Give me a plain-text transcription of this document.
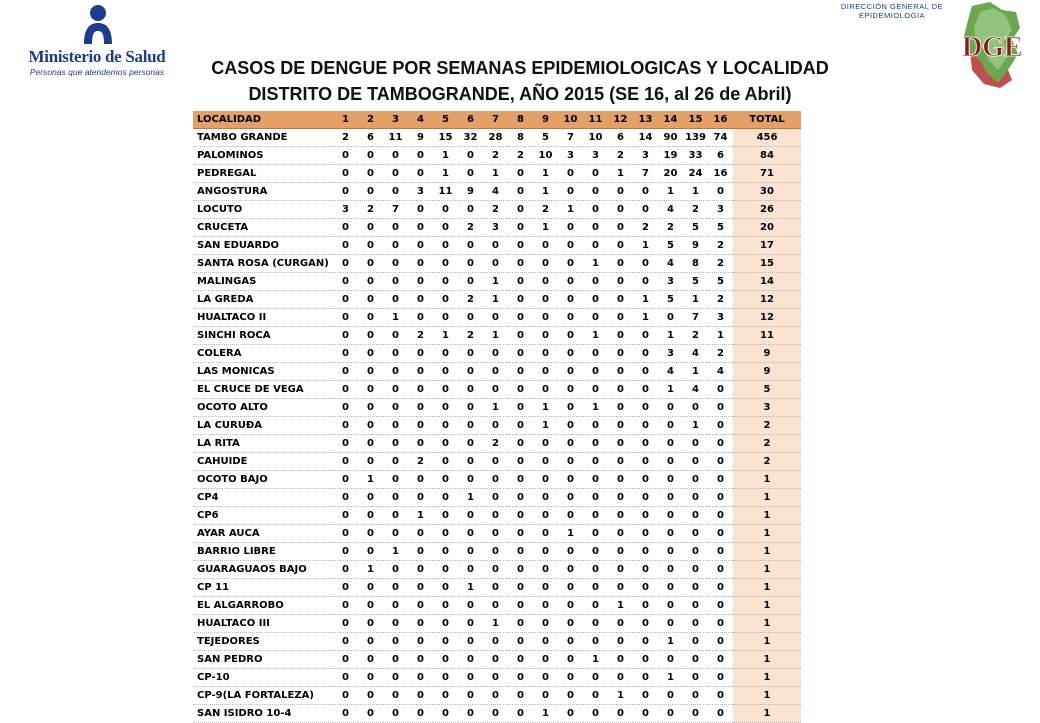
Ministerio de Salud
Personas que atendemos personas
DIRECCIÓN GENERAL DE
EPIDEMIOLOGIA
DGE
CASOS DE DENGUE POR SEMANAS EPIDEMIOLOGICAS Y LOCALIDAD
DISTRITO DE TAMBOGRANDE, AÑO 2015 (SE 16, al 26 de Abril)
LOCALIDAD	1	2	3	4	5	6	7	8	9	10	11	12	13	14	15	16	TOTAL
TAMBO GRANDE	2	6	11	9	15	32	28	8	5	7	10	6	14	90	139	74	456
PALOMINOS	0	0	0	0	1	0	2	2	10	3	3	2	3	19	33	6	84
PEDREGAL	0	0	0	0	1	0	1	0	1	0	0	1	7	20	24	16	71
ANGOSTURA	0	0	0	3	11	9	4	0	1	0	0	0	0	1	1	0	30
LOCUTO	3	2	7	0	0	0	2	0	2	1	0	0	0	4	2	3	26
CRUCETA	0	0	0	0	0	2	3	0	1	0	0	0	2	2	5	5	20
SAN EDUARDO	0	0	0	0	0	0	0	0	0	0	0	0	1	5	9	2	17
SANTA ROSA (CURGAN)	0	0	0	0	0	0	0	0	0	0	1	0	0	4	8	2	15
MALINGAS	0	0	0	0	0	0	1	0	0	0	0	0	0	3	5	5	14
LA GREDA	0	0	0	0	0	2	1	0	0	0	0	0	1	5	1	2	12
HUALTACO II	0	0	1	0	0	0	0	0	0	0	0	0	1	0	7	3	12
SINCHI ROCA	0	0	0	2	1	2	1	0	0	0	1	0	0	1	2	1	11
COLERA	0	0	0	0	0	0	0	0	0	0	0	0	0	3	4	2	9
LAS MONICAS	0	0	0	0	0	0	0	0	0	0	0	0	0	4	1	4	9
EL CRUCE DE VEGA	0	0	0	0	0	0	0	0	0	0	0	0	0	1	4	0	5
OCOTO ALTO	0	0	0	0	0	0	1	0	1	0	1	0	0	0	0	0	3
LA CURUĐA	0	0	0	0	0	0	0	0	1	0	0	0	0	0	1	0	2
LA RITA	0	0	0	0	0	0	2	0	0	0	0	0	0	0	0	0	2
CAHUIDE	0	0	0	2	0	0	0	0	0	0	0	0	0	0	0	0	2
OCOTO BAJO	0	1	0	0	0	0	0	0	0	0	0	0	0	0	0	0	1
CP4	0	0	0	0	0	1	0	0	0	0	0	0	0	0	0	0	1
CP6	0	0	0	1	0	0	0	0	0	0	0	0	0	0	0	0	1
AYAR AUCA	0	0	0	0	0	0	0	0	0	1	0	0	0	0	0	0	1
BARRIO LIBRE	0	0	1	0	0	0	0	0	0	0	0	0	0	0	0	0	1
GUARAGUAOS BAJO	0	1	0	0	0	0	0	0	0	0	0	0	0	0	0	0	1
CP 11	0	0	0	0	0	1	0	0	0	0	0	0	0	0	0	0	1
EL ALGARROBO	0	0	0	0	0	0	0	0	0	0	0	1	0	0	0	0	1
HUALTACO III	0	0	0	0	0	0	1	0	0	0	0	0	0	0	0	0	1
TEJEDORES	0	0	0	0	0	0	0	0	0	0	0	0	0	1	0	0	1
SAN PEDRO	0	0	0	0	0	0	0	0	0	0	1	0	0	0	0	0	1
CP-10	0	0	0	0	0	0	0	0	0	0	0	0	0	1	0	0	1
CP-9(LA FORTALEZA)	0	0	0	0	0	0	0	0	0	0	0	1	0	0	0	0	1
SAN ISIDRO 10-4	0	0	0	0	0	0	0	0	1	0	0	0	0	0	0	0	1
